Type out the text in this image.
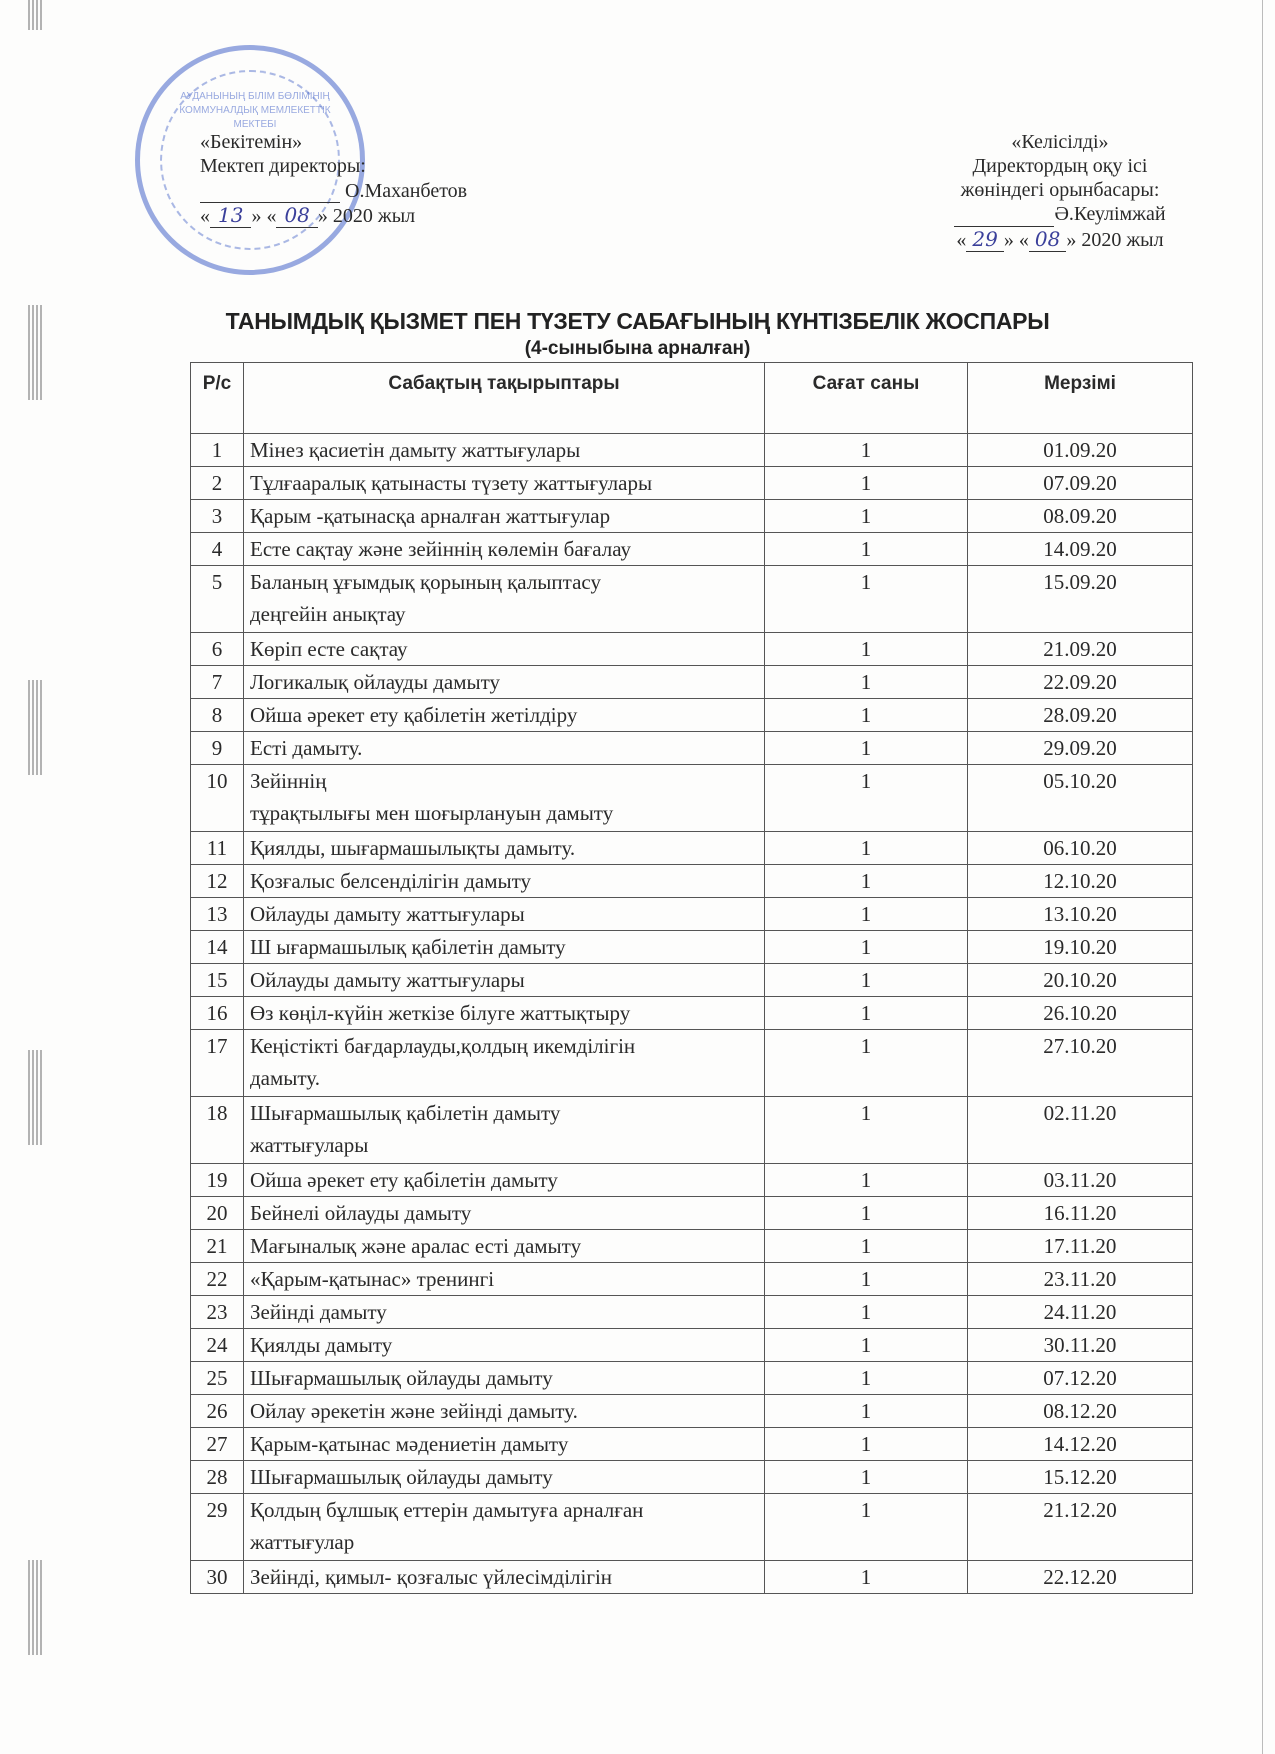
АУДАНЫНЫҢ БІЛІМ БӨЛІМІНІҢ КОММУНАЛДЫҚ МЕМЛЕКЕТТІК МЕКТЕБІ
«Бекітемін»
Мектеп директоры:
О.Маханбетов
« 13 » « 08 » 2020 жыл
«Келісілді»
Директордың оқу ісі
жөніндегі орынбасары:
Ә.Кеулімжай
« 29 » « 08 » 2020 жыл
ТАНЫМДЫҚ ҚЫЗМЕТ ПЕН ТҮЗЕТУ САБАҒЫНЫҢ КҮНТІЗБЕЛІК ЖОСПАРЫ
(4-сыныбына арналған)
Р/с	Сабақтың тақырыптары	Сағат саны	Мерзімі
1	Мінез қасиетін дамыту жаттығулары	1	01.09.20
2	Тұлғааралық қатынасты түзету жаттығулары	1	07.09.20
3	Қарым -қатынасқа арналған жаттығулар	1	08.09.20
4	Есте сақтау және зейіннің көлемін бағалау	1	14.09.20
5	Баланың ұғымдық қорының қалыптасу
деңгейін анықтау	1	15.09.20
6	Көріп есте сақтау	1	21.09.20
7	Логикалық ойлауды дамыту	1	22.09.20
8	Ойша әрекет ету қабілетін жетілдіру	1	28.09.20
9	Есті дамыту.	1	29.09.20
10	Зейіннің
тұрақтылығы мен шоғырлануын дамыту	1	05.10.20
11	Қиялды, шығармашылықты дамыту.	1	06.10.20
12	Қозғалыс белсенділігін дамыту	1	12.10.20
13	Ойлауды дамыту жаттығулары	1	13.10.20
14	Ш ығармашылық қабілетін дамыту	1	19.10.20
15	Ойлауды дамыту жаттығулары	1	20.10.20
16	Өз көңіл-күйін жеткізе білуге жаттықтыру	1	26.10.20
17	Кеңістікті бағдарлауды,қолдың икемділігін
дамыту.	1	27.10.20
18	Шығармашылық қабілетін дамыту
жаттығулары	1	02.11.20
19	Ойша әрекет ету қабілетін дамыту	1	03.11.20
20	Бейнелі ойлауды дамыту	1	16.11.20
21	Мағыналық және аралас есті дамыту	1	17.11.20
22	«Қарым-қатынас» тренингі	1	23.11.20
23	Зейінді дамыту	1	24.11.20
24	Қиялды дамыту	1	30.11.20
25	Шығармашылық ойлауды дамыту	1	07.12.20
26	Ойлау әрекетін және зейінді дамыту.	1	08.12.20
27	Қарым-қатынас мәдениетін дамыту	1	14.12.20
28	Шығармашылық ойлауды дамыту	1	15.12.20
29	Қолдың бұлшық еттерін дамытуға арналған
жаттығулар	1	21.12.20
30	Зейінді, қимыл- қозғалыс үйлесімділігін	1	22.12.20
